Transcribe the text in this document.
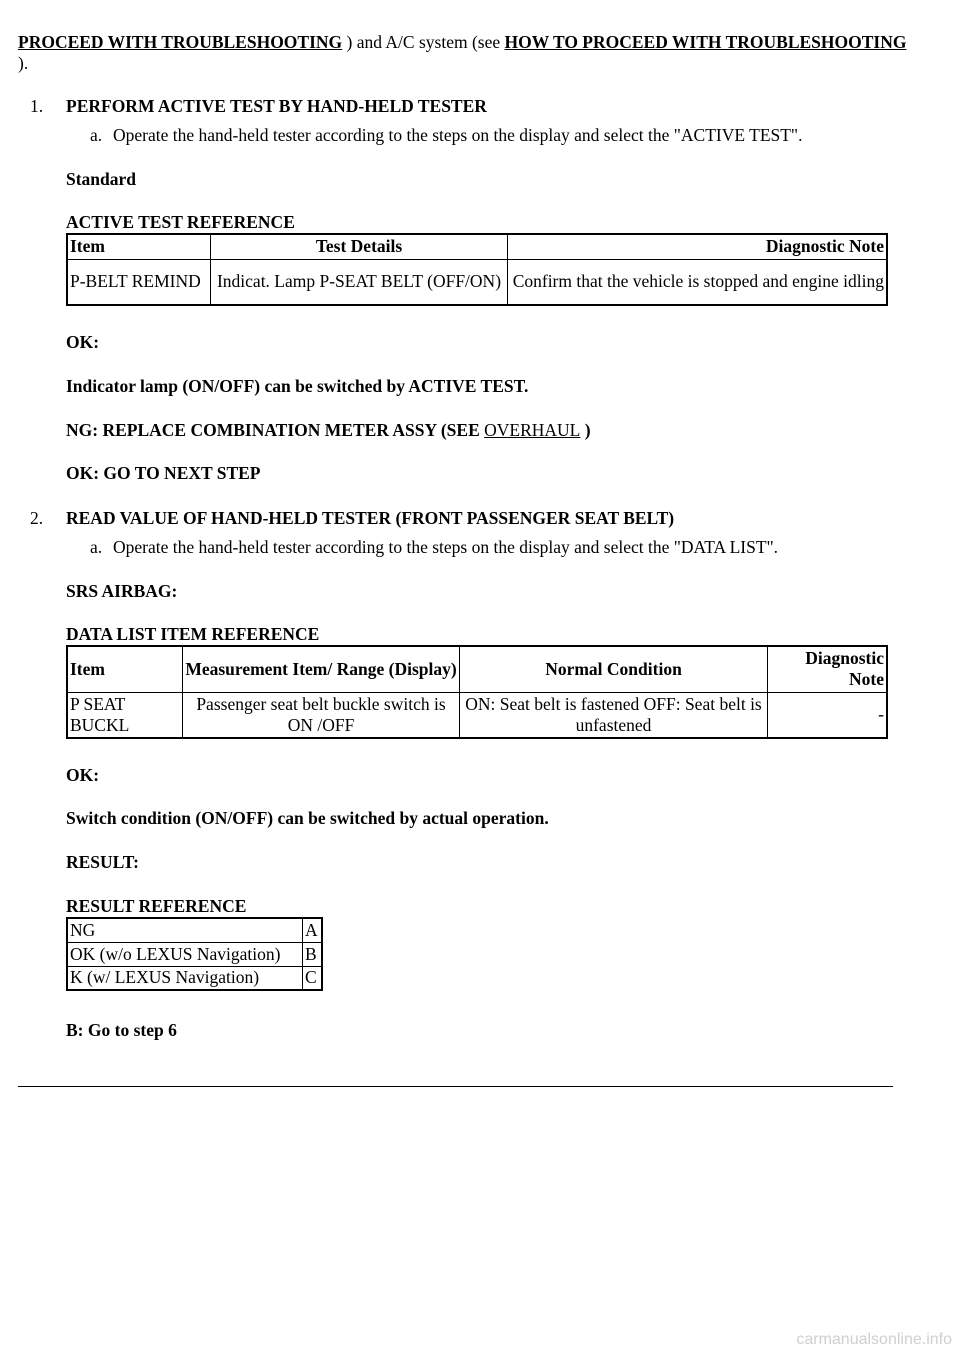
PROCEED WITH TROUBLESHOOTING ) and A/C system (see HOW TO PROCEED WITH TROUBLESHOOTING ).
1. PERFORM ACTIVE TEST BY HAND-HELD TESTER
a. Operate the hand-held tester according to the steps on the display and select the "ACTIVE TEST".
Standard
ACTIVE TEST REFERENCE
Item	Test Details	Diagnostic Note
P-BELT REMIND	Indicat. Lamp P-SEAT BELT (OFF/ON)	Confirm that the vehicle is stopped and engine idling
OK:
Indicator lamp (ON/OFF) can be switched by ACTIVE TEST.
NG: REPLACE COMBINATION METER ASSY (SEE OVERHAUL )
OK: GO TO NEXT STEP
2. READ VALUE OF HAND-HELD TESTER (FRONT PASSENGER SEAT BELT)
a. Operate the hand-held tester according to the steps on the display and select the "DATA LIST".
SRS AIRBAG:
DATA LIST ITEM REFERENCE
Item	Measurement Item/ Range (Display)	Normal Condition	Diagnostic Note
P SEAT BUCKL	Passenger seat belt buckle switch is ON /OFF	ON: Seat belt is fastened OFF: Seat belt is unfastened	-
OK:
Switch condition (ON/OFF) can be switched by actual operation.
RESULT:
RESULT REFERENCE
NG	A
OK (w/o LEXUS Navigation)	B
K (w/ LEXUS Navigation)	C
B: Go to step 6
carmanualsonline.info
